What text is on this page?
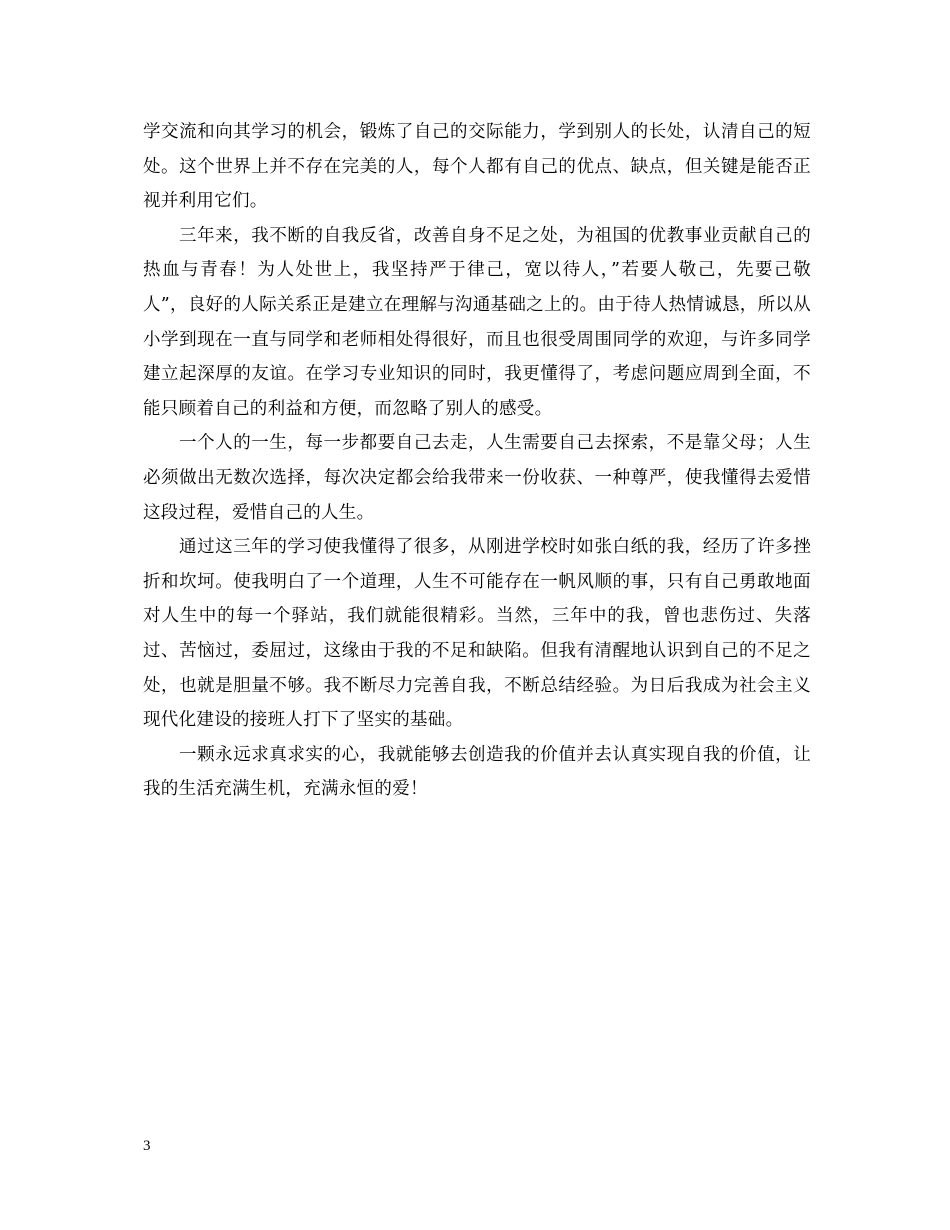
学交流和向其学习的机会，锻炼了自己的交际能力，学到别人的长处，认清自己的短处。这个世界上并不存在完美的人，每个人都有自己的优点、缺点，但关键是能否正视并利用它们。

三年来，我不断的自我反省，改善自身不足之处，为祖国的优教事业贡献自己的热血与青春！为人处世上，我坚持严于律己，宽以待人，”若要人敬己，先要己敬人”，良好的人际关系正是建立在理解与沟通基础之上的。由于待人热情诚恳，所以从小学到现在一直与同学和老师相处得很好，而且也很受周围同学的欢迎，与许多同学建立起深厚的友谊。在学习专业知识的同时，我更懂得了，考虑问题应周到全面，不能只顾着自己的利益和方便，而忽略了别人的感受。

一个人的一生，每一步都要自己去走，人生需要自己去探索，不是靠父母；人生必须做出无数次选择，每次决定都会给我带来一份收获、一种尊严，使我懂得去爱惜这段过程，爱惜自己的人生。

通过这三年的学习使我懂得了很多，从刚进学校时如张白纸的我，经历了许多挫折和坎坷。使我明白了一个道理，人生不可能存在一帆风顺的事，只有自己勇敢地面对人生中的每一个驿站，我们就能很精彩。当然，三年中的我，曾也悲伤过、失落过、苦恼过，委屈过，这缘由于我的不足和缺陷。但我有清醒地认识到自己的不足之处，也就是胆量不够。我不断尽力完善自我，不断总结经验。为日后我成为社会主义现代化建设的接班人打下了坚实的基础。

一颗永远求真求实的心，我就能够去创造我的价值并去认真实现自我的价值，让我的生活充满生机，充满永恒的爱！

3
